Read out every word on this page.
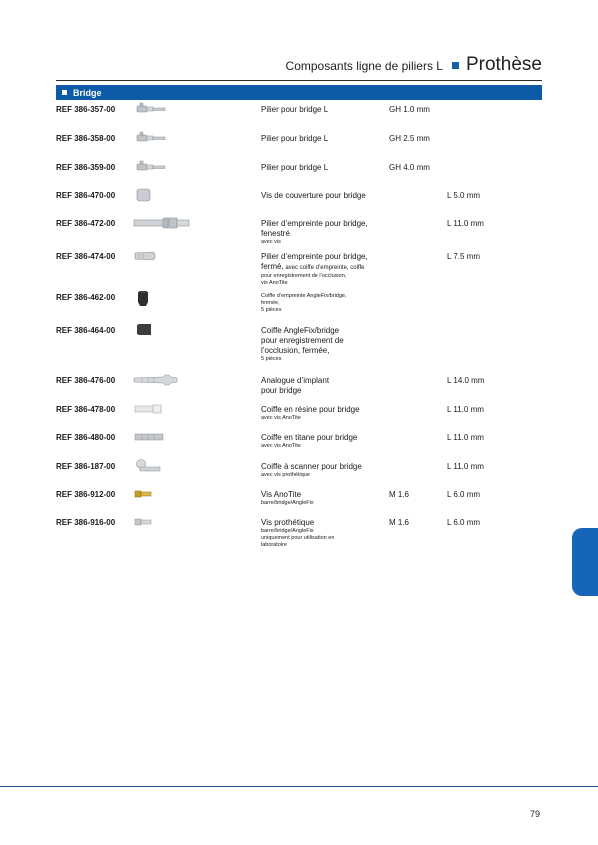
Composants ligne de piliers L Prothèse
Bridge
REF 386-357-00	Pilier pour bridge L	GH 1.0 mm
REF 386-358-00	Pilier pour bridge L	GH 2.5 mm
REF 386-359-00	Pilier pour bridge L	GH 4.0 mm
REF 386-470-00	Vis de couverture pour bridge	L 5.0 mm
REF 386-472-00	Pilier d’empreinte pour bridge,
fenestré
avec vis
L 11.0 mm
REF 386-474-00	Pilier d’empreinte pour bridge,
fermé, avec coiffe d’empreinte, coiffe
pour enregistrement de l’occlusion,
vis AnoTite
L 7.5 mm
REF 386-462-00	Coiffe d’empreinte AngleFix/bridge,
fermée,
5 pièces
REF 386-464-00	Coiffe AngleFix/bridge
pour enregistrement de
l’occlusion, fermée,
5 pièces
REF 386-476-00	Analogue d’implant
pour bridge
L 14.0 mm
REF 386-478-00	Coiffe en résine pour bridge
avec vis AnoTite
L 11.0 mm
REF 386-480-00	Coiffe en titane pour bridge
avec vis AnoTite
L 11.0 mm
REF 386-187-00	Coiffe à scanner pour bridge
avec vis prothétique
L 11.0 mm
REF 386-912-00	Vis AnoTite
barre/bridge/AngleFix
M 1.6	L 6.0 mm
REF 386-916-00	Vis prothétique
barre/bridge/AngleFix
uniquement pour utilisation en
laboratoire
M 1.6	L 6.0 mm
79
